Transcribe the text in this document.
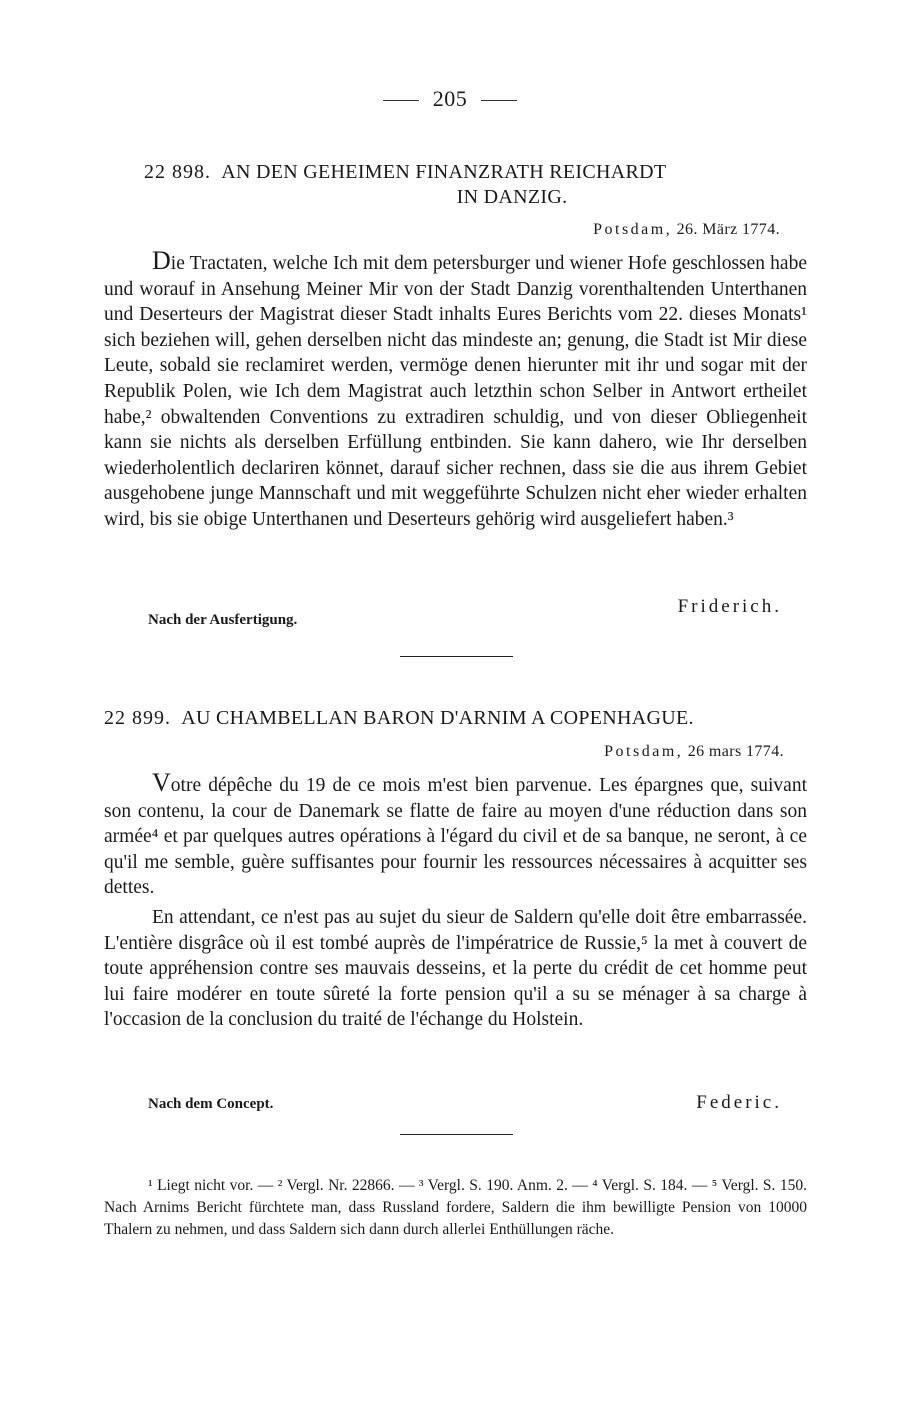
205
22 898. AN DEN GEHEIMEN FINANZRATH REICHARDT
IN DANZIG.
Potsdam, 26. März 1774.

Die Tractaten, welche Ich mit dem petersburger und wiener Hofe geschlossen habe und worauf in Ansehung Meiner Mir von der Stadt Danzig vorenthaltenden Unterthanen und Deserteurs der Magistrat dieser Stadt inhalts Eures Berichts vom 22. dieses Monats¹ sich beziehen will, gehen derselben nicht das mindeste an; genung, die Stadt ist Mir diese Leute, sobald sie reclamiret werden, vermöge denen hierunter mit ihr und sogar mit der Republik Polen, wie Ich dem Magistrat auch letzthin schon Selber in Antwort ertheilet habe,² obwaltenden Conventions zu extradiren schuldig, und von dieser Obliegenheit kann sie nichts als derselben Erfüllung entbinden. Sie kann dahero, wie Ihr derselben wiederholentlich declariren könnet, darauf sicher rechnen, dass sie die aus ihrem Gebiet ausgehobene junge Mannschaft und mit weggeführte Schulzen nicht eher wieder erhalten wird, bis sie obige Unterthanen und Deserteurs gehörig wird ausgeliefert haben.³

Friderich.
Nach der Ausfertigung.
22 899. AU CHAMBELLAN BARON D'ARNIM A COPENHAGUE.
Potsdam, 26 mars 1774.

Votre dépêche du 19 de ce mois m'est bien parvenue. Les épargnes que, suivant son contenu, la cour de Danemark se flatte de faire au moyen d'une réduction dans son armée⁴ et par quelques autres opérations à l'égard du civil et de sa banque, ne seront, à ce qu'il me semble, guère suffisantes pour fournir les ressources nécessaires à acquitter ses dettes.

En attendant, ce n'est pas au sujet du sieur de Saldern qu'elle doit être embarrassée. L'entière disgrâce où il est tombé auprès de l'impératrice de Russie,⁵ la met à couvert de toute appréhension contre ses mauvais desseins, et la perte du crédit de cet homme peut lui faire modérer en toute sûreté la forte pension qu'il a su se ménager à sa charge à l'occasion de la conclusion du traité de l'échange du Holstein.

Nach dem Concept.	Federic.

¹ Liegt nicht vor. — ² Vergl. Nr. 22866. — ³ Vergl. S. 190. Anm. 2. — ⁴ Vergl. S. 184. — ⁵ Vergl. S. 150. Nach Arnims Bericht fürchtete man, dass Russland fordere, Saldern die ihm bewilligte Pension von 10000 Thalern zu nehmen, und dass Saldern sich dann durch allerlei Enthüllungen räche.
